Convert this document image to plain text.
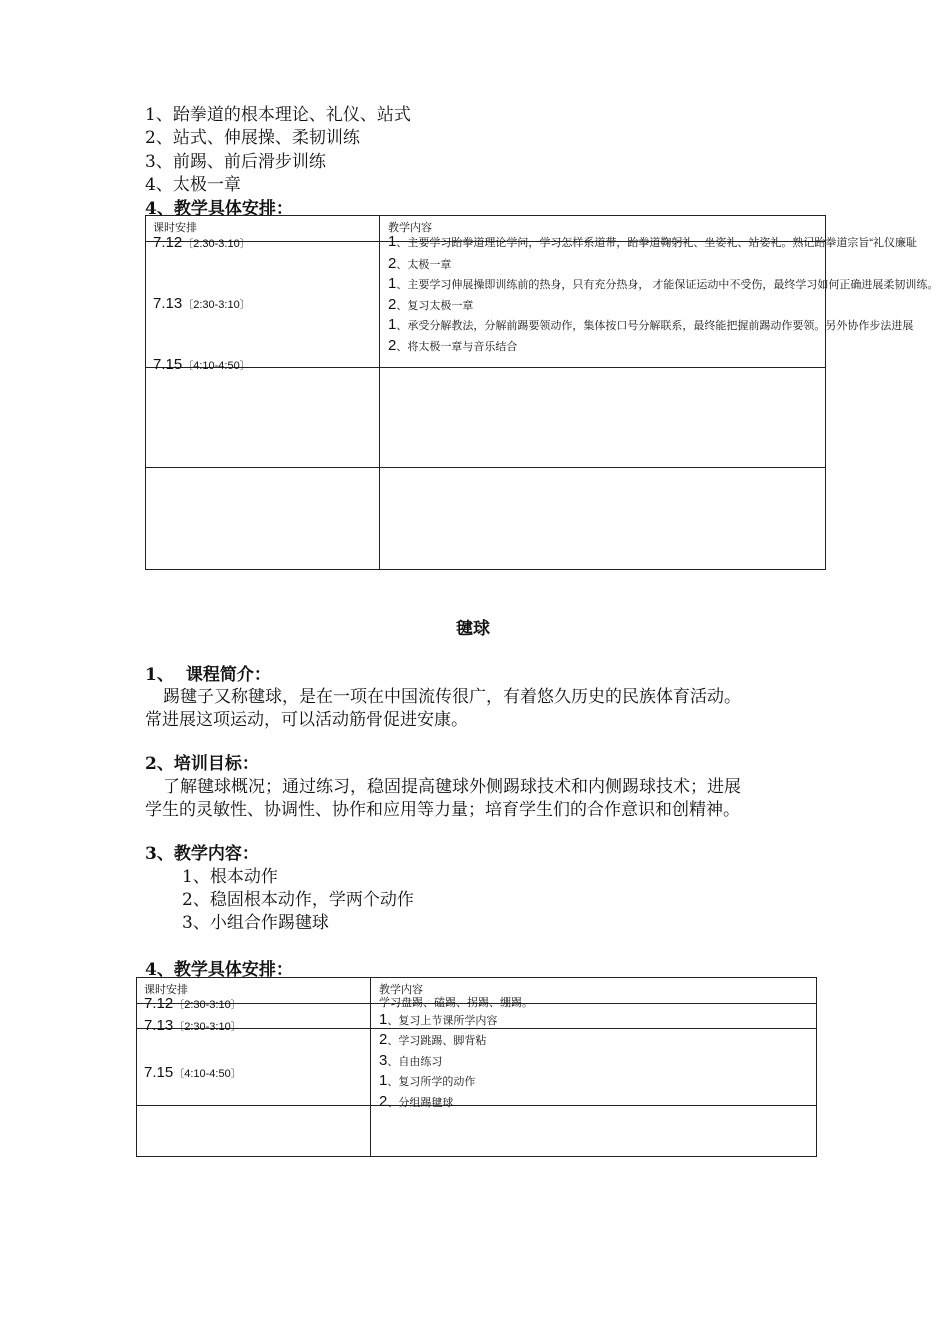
1、跆拳道的根本理论、礼仪、站式
2、站式、伸展操、柔韧训练
3、前踢、前后滑步训练
4、太极一章
4、教学具体安排：
课时安排	教学内容
7.12〔2:30-3:10〕
7.13〔2:30-3:10〕
7.15〔4:10-4:50〕
1、主要学习跆拳道理论学问，学习怎样系道带，跆拳道鞠躬礼、坐姿礼、站姿礼。熟记跆拳道宗旨“礼仪廉耻
2、太极一章
1、主要学习伸展操即训练前的热身，只有充分热身， 才能保证运动中不受伤，最终学习如何正确进展柔韧训练。
2、复习太极一章
1、承受分解教法，分解前踢要领动作，集体按口号分解联系，最终能把握前踢动作要领。另外协作步法进展
2、将太极一章与音乐结合
毽球
1、 课程简介：
踢毽子又称毽球，是在一项在中国流传很广，有着悠久历史的民族体育活动。
常进展这项运动，可以活动筋骨促进安康。
2、培训目标：
了解毽球概况；通过练习，稳固提高毽球外侧踢球技术和内侧踢球技术；进展
学生的灵敏性、协调性、协作和应用等力量；培育学生们的合作意识和创精神。
3、教学内容：
1、根本动作
2、稳固根本动作，学两个动作
3、小组合作踢毽球
4、教学具体安排：
课时安排	教学内容
7.12〔2:30-3:10〕
7.13〔2:30-3:10〕
7.15〔4:10-4:50〕
学习盘踢、磕踢、拐踢、绷踢。
1、复习上节课所学内容
2、学习跳踢、脚背粘
3、自由练习
1、复习所学的动作
2、分组踢毽球
